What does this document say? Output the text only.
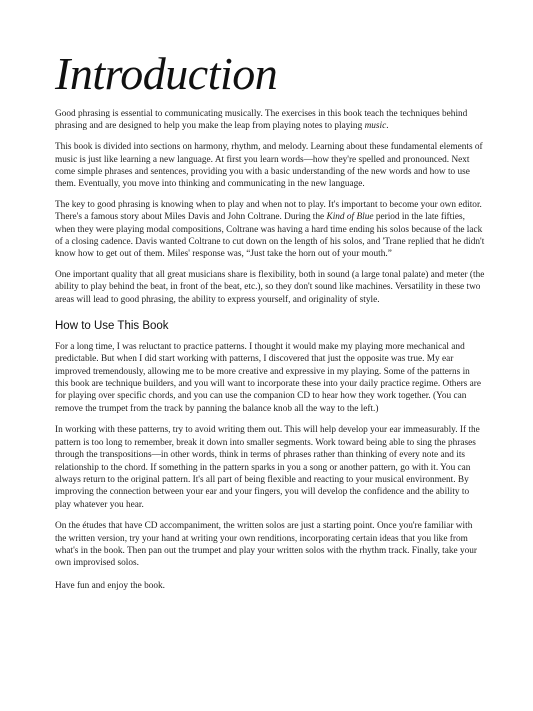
Introduction

Good phrasing is essential to communicating musically. The exercises in this book teach the techniques behind phrasing and are designed to help you make the leap from playing notes to playing music.

This book is divided into sections on harmony, rhythm, and melody. Learning about these fundamental elements of music is just like learning a new language. At first you learn words—how they're spelled and pronounced. Next come simple phrases and sentences, providing you with a basic understanding of the new words and how to use them. Eventually, you move into thinking and communicating in the new language.

The key to good phrasing is knowing when to play and when not to play. It's important to become your own editor. There's a famous story about Miles Davis and John Coltrane. During the Kind of Blue period in the late fifties, when they were playing modal compositions, Coltrane was having a hard time ending his solos because of the lack of a closing cadence. Davis wanted Coltrane to cut down on the length of his solos, and 'Trane replied that he didn't know how to get out of them. Miles' response was, “Just take the horn out of your mouth.”

One important quality that all great musicians share is flexibility, both in sound (a large tonal palate) and meter (the ability to play behind the beat, in front of the beat, etc.), so they don't sound like machines. Versatility in these two areas will lead to good phrasing, the ability to express yourself, and originality of style.

How to Use This Book

For a long time, I was reluctant to practice patterns. I thought it would make my playing more mechanical and predictable. But when I did start working with patterns, I discovered that just the opposite was true. My ear improved tremendously, allowing me to be more creative and expressive in my playing. Some of the patterns in this book are technique builders, and you will want to incorporate these into your daily practice regime. Others are for playing over specific chords, and you can use the companion CD to hear how they work together. (You can remove the trumpet from the track by panning the balance knob all the way to the left.)

In working with these patterns, try to avoid writing them out. This will help develop your ear immeasurably. If the pattern is too long to remember, break it down into smaller segments. Work toward being able to sing the phrases through the transpositions—in other words, think in terms of phrases rather than thinking of every note and its relationship to the chord. If something in the pattern sparks in you a song or another pattern, go with it. You can always return to the original pattern. It's all part of being flexible and reacting to your musical environment. By improving the connection between your ear and your fingers, you will develop the confidence and the ability to play whatever you hear.

On the études that have CD accompaniment, the written solos are just a starting point. Once you're familiar with the written version, try your hand at writing your own renditions, incorporating certain ideas that you like from what's in the book. Then pan out the trumpet and play your written solos with the rhythm track. Finally, take your own improvised solos.

Have fun and enjoy the book.
